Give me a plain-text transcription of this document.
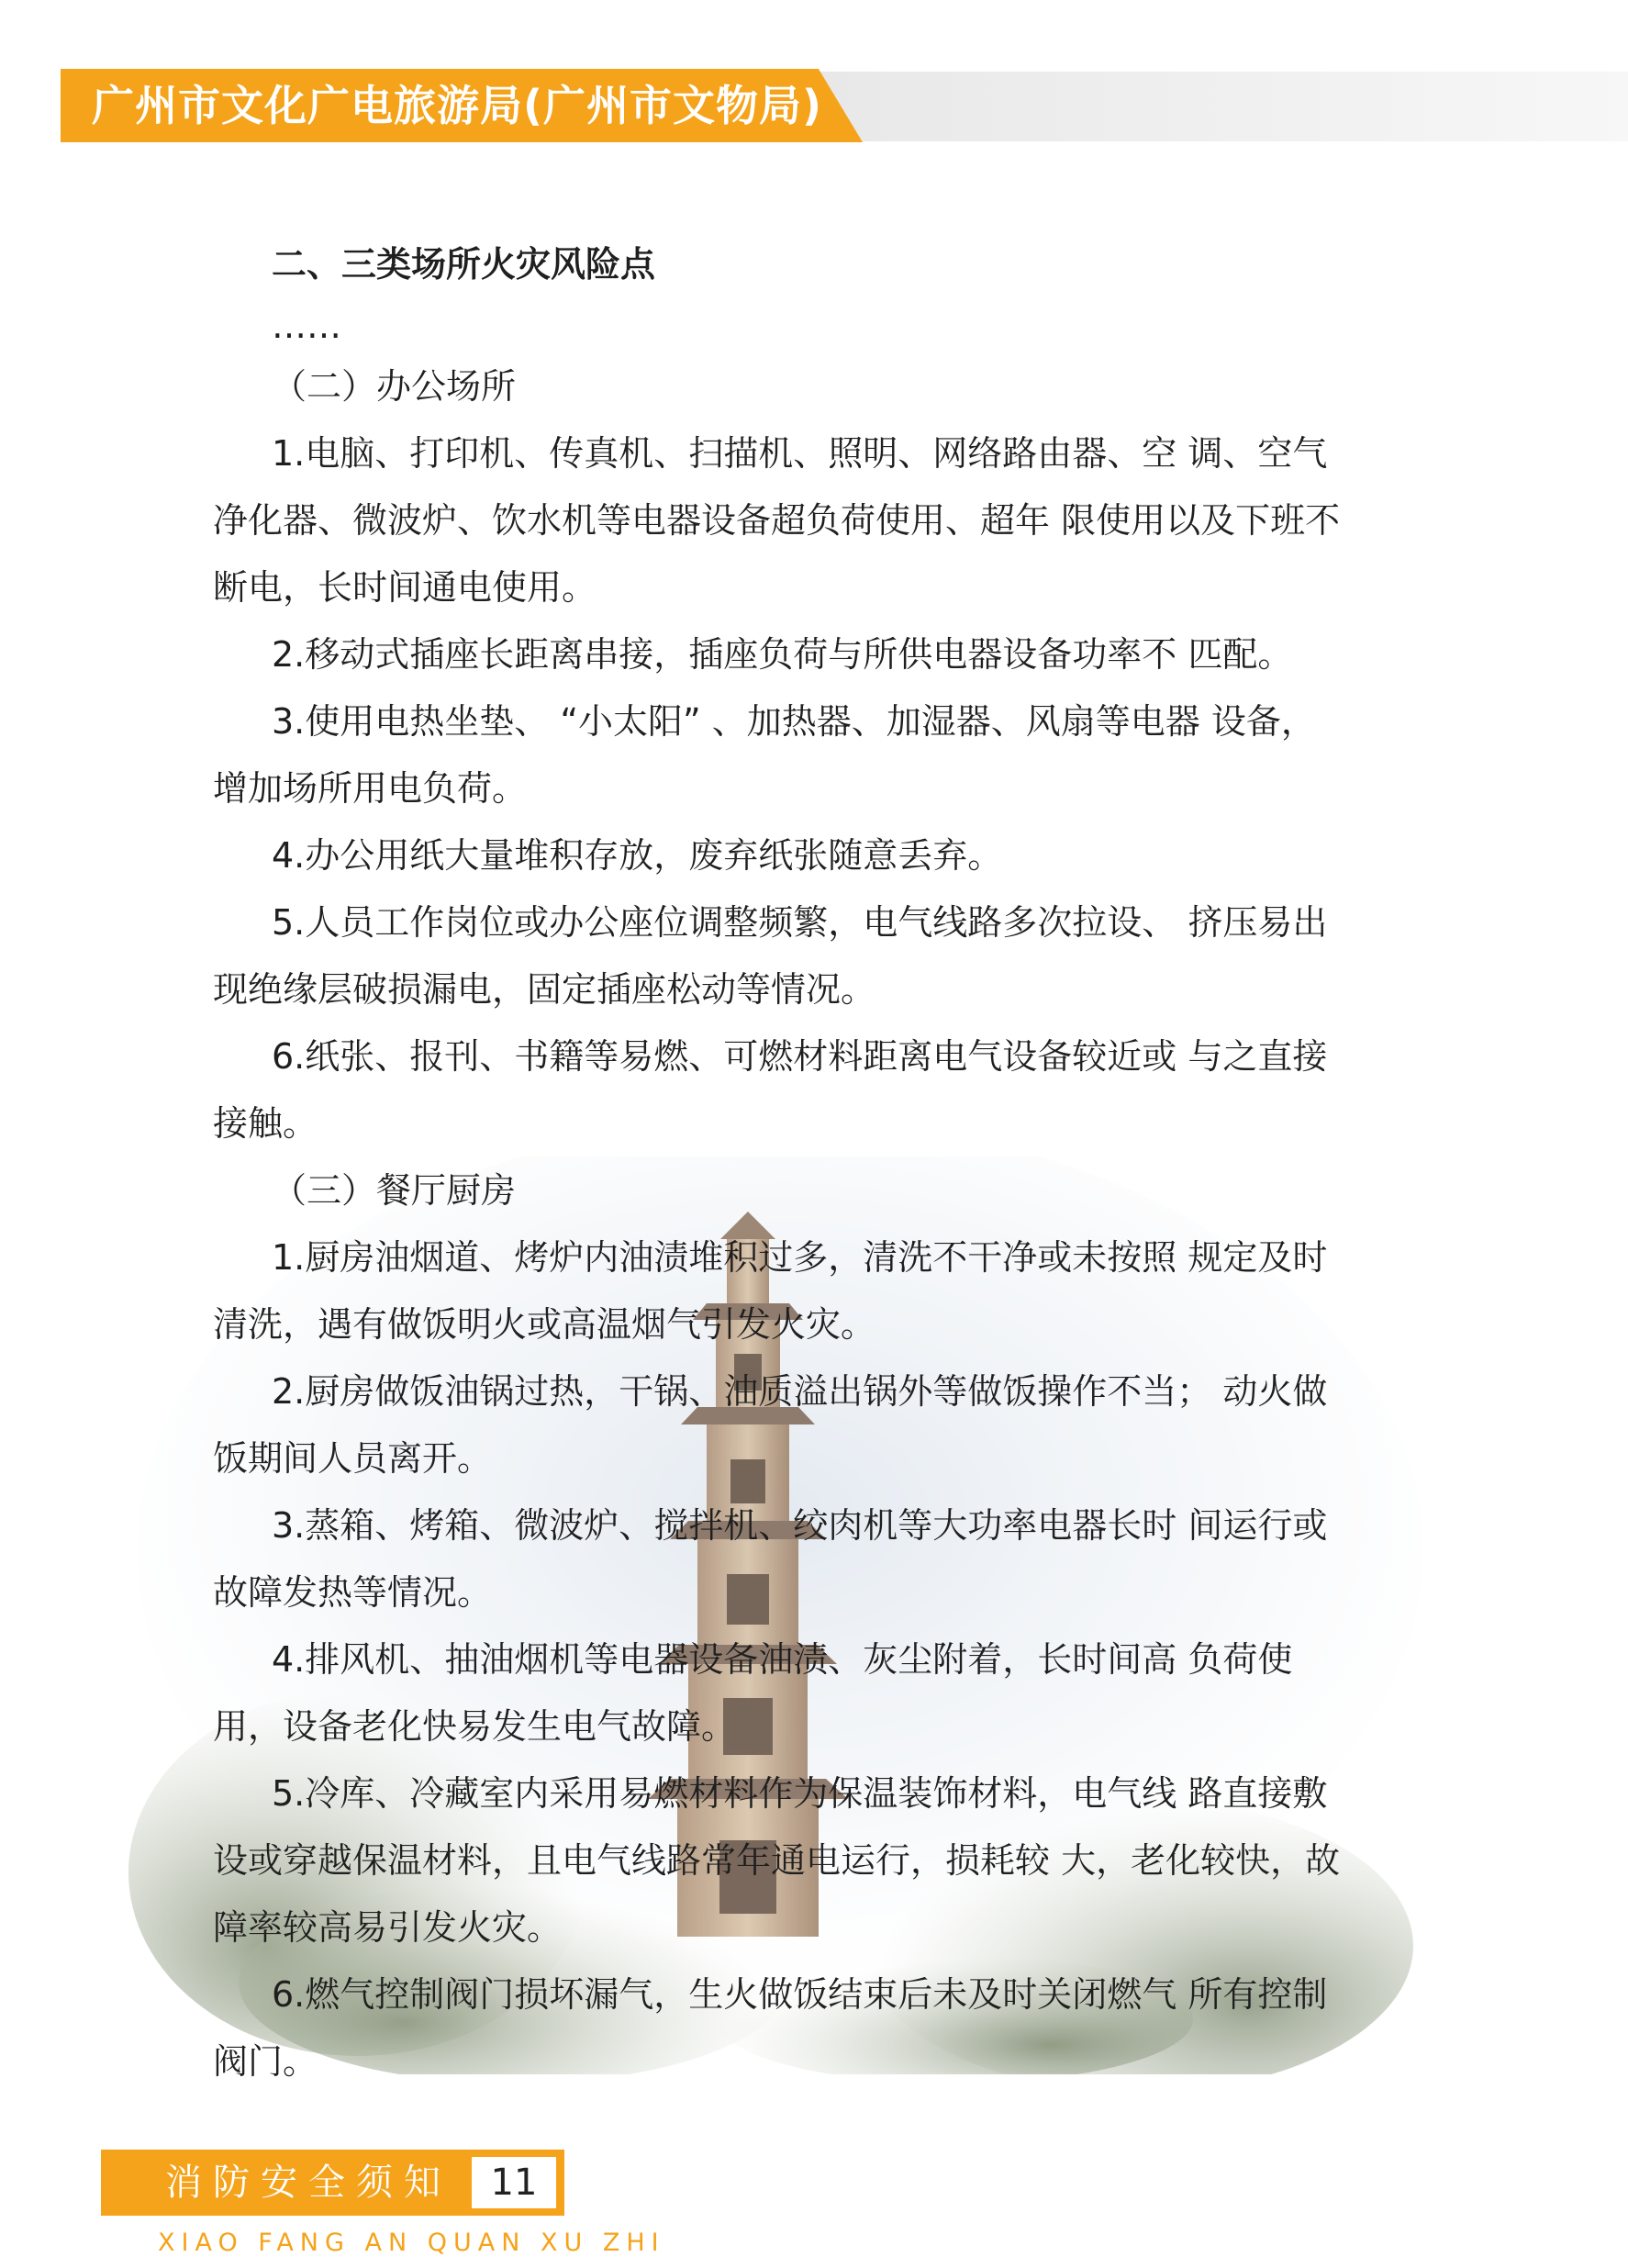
广州市文化广电旅游局(广州市文物局)

二、三类场所火灾风险点

……

（二）办公场所

1.电脑、打印机、传真机、扫描机、照明、网络路由器、空 调、空气
净化器、微波炉、饮水机等电器设备超负荷使用、超年 限使用以及下班不
断电，长时间通电使用。

2.移动式插座长距离串接，插座负荷与所供电器设备功率不 匹配。

3.使用电热坐垫、 “小太阳” 、加热器、加湿器、风扇等电器 设备，
增加场所用电负荷。

4.办公用纸大量堆积存放，废弃纸张随意丢弃。

5.人员工作岗位或办公座位调整频繁，电气线路多次拉设、 挤压易出
现绝缘层破损漏电，固定插座松动等情况。

6.纸张、报刊、书籍等易燃、可燃材料距离电气设备较近或 与之直接
接触。

（三）餐厅厨房

1.厨房油烟道、烤炉内油渍堆积过多，清洗不干净或未按照 规定及时
清洗，遇有做饭明火或高温烟气引发火灾。

2.厨房做饭油锅过热，干锅、油质溢出锅外等做饭操作不当； 动火做
饭期间人员离开。

3.蒸箱、烤箱、微波炉、搅拌机、绞肉机等大功率电器长时 间运行或
故障发热等情况。

4.排风机、抽油烟机等电器设备油渍、灰尘附着，长时间高 负荷使
用，设备老化快易发生电气故障。

5.冷库、冷藏室内采用易燃材料作为保温装饰材料，电气线 路直接敷
设或穿越保温材料，且电气线路常年通电运行，损耗较 大，老化较快，故
障率较高易引发火灾。

6.燃气控制阀门损坏漏气，生火做饭结束后未及时关闭燃气 所有控制
阀门。

消防安全须知	11
XIAO FANG AN QUAN XU ZHI
